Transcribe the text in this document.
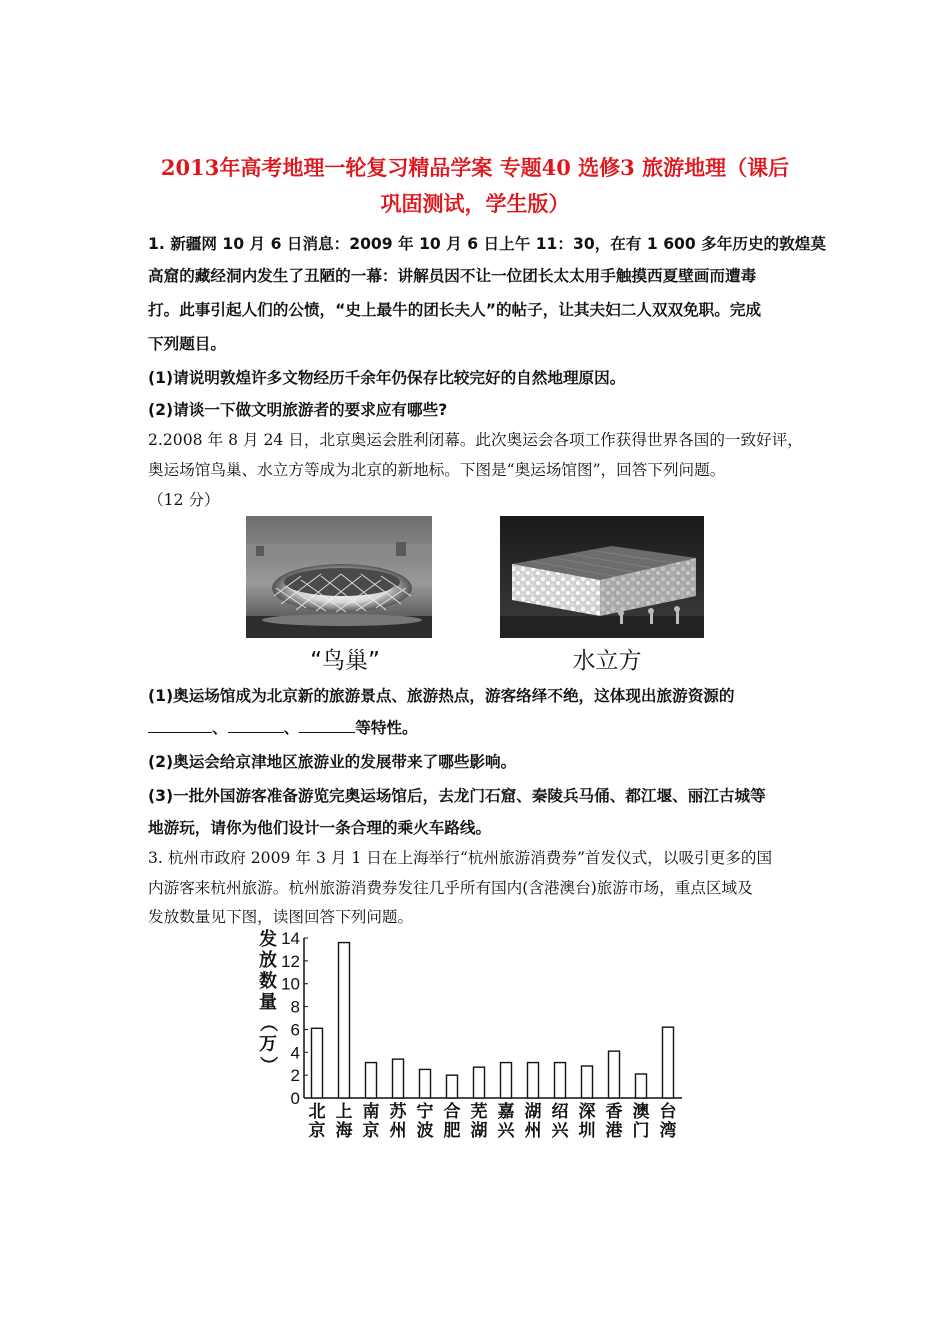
2013年高考地理一轮复习精品学案 专题40 选修3 旅游地理（课后
巩固测试，学生版）
1. 新疆网 10 月 6 日消息：2009 年 10 月 6 日上午 11：30，在有 1 600 多年历史的敦煌莫
高窟的藏经洞内发生了丑陋的一幕：讲解员因不让一位团长太太用手触摸西夏壁画而遭毒
打。此事引起人们的公愤，“史上最牛的团长夫人”的帖子，让其夫妇二人双双免职。完成
下列题目。
(1)请说明敦煌许多文物经历千余年仍保存比较完好的自然地理原因。
(2)请谈一下做文明旅游者的要求应有哪些?
2.2008 年 8 月 24 日，北京奥运会胜利闭幕。此次奥运会各项工作获得世界各国的一致好评，
奥运场馆鸟巢、水立方等成为北京的新地标。下图是“奥运场馆图”，回答下列问题。
（12 分）
“鸟巢”	水立方
(1)奥运场馆成为北京新的旅游景点、旅游热点，游客络绎不绝，这体现出旅游资源的
、	、	等特性。
(2)奥运会给京津地区旅游业的发展带来了哪些影响。
(3)一批外国游客准备游览完奥运场馆后，去龙门石窟、秦陵兵马俑、都江堰、丽江古城等
地游玩，请你为他们设计一条合理的乘火车路线。
3. 杭州市政府 2009 年 3 月 1 日在上海举行“杭州旅游消费券”首发仪式，以吸引更多的国
内游客来杭州旅游。杭州旅游消费券发往几乎所有国内(含港澳台)旅游市场，重点区域及
发放数量见下图，读图回答下列问题。
0
2
4
6
8
10
12
14
发
放
数
量
（
万
）
北
京
上
海
南
京
苏
州
宁
波
合
肥
芜
湖
嘉
兴
湖
州
绍
兴
深
圳
香
港
澳
门
台
湾
